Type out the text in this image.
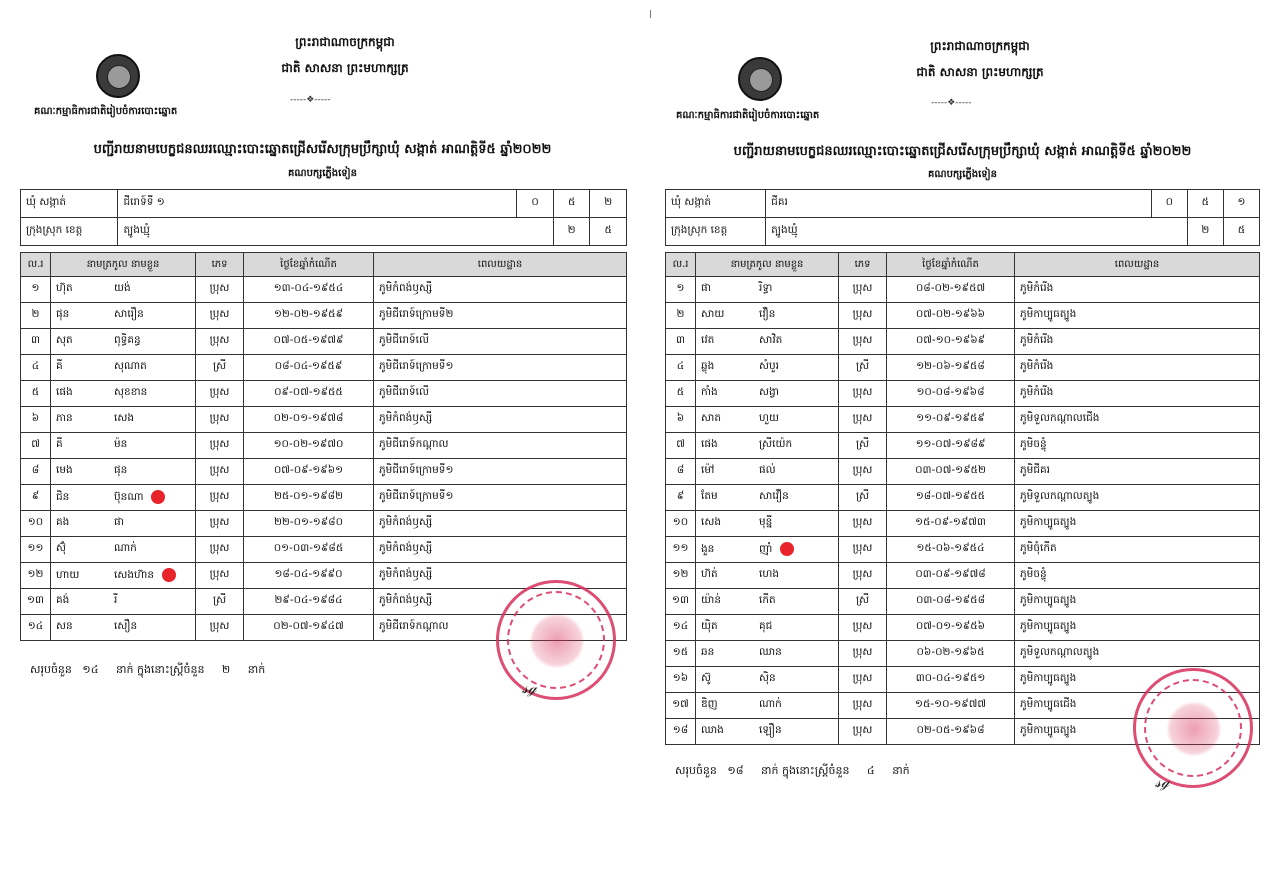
ព្រះរាជាណាចក្រកម្ពុជា
ជាតិ សាសនា ព្រះមហាក្សត្រ
-----❖-----
គណៈកម្មាធិការជាតិរៀបចំការបោះឆ្នោត
បញ្ជីរាយនាមបេក្ខជនឈរឈ្មោះបោះឆ្នោតជ្រើសរើសក្រុមប្រឹក្សាឃុំ សង្កាត់ អាណត្តិទី៥ ឆ្នាំ២០២២
គណបក្សភ្លើងទៀន
ឃុំ សង្កាត់	ជីរោទ៍ទី ១	០	៥	២
ក្រុងស្រុក ខេត្ត	ត្បូងឃ្មុំ		២	៥
ល.រ	នាមត្រកូល នាមខ្លួន	ភេទ	ថ្ងៃខែឆ្នាំកំណើត	ពេលយដ្ឋាន
១	ហ៊ុត យង់	ប្រុស	១៣-០៤-១៩៥៤	ភូមិកំពង់ឫស្សី
២	ផុន សារឿន	ប្រុស	១២-០២-១៩៥៩	ភូមិជីរោទ៍ក្រោមទី២
៣	សុត ពុទ្ធិគន្ធ	ប្រុស	០៧-០៥-១៩៧៩	ភូមិជីរោទ៍លើ
៤	គី សុណាត	ស្រី	០៨-០៤-១៩៥៩	ភូមិជីរោទ៍ក្រោមទី១
៥	ផេង សុខខាន	ប្រុស	០៩-០៧-១៩៥៥	ភូមិជីរោទ៍លើ
៦	ភាន សេង	ប្រុស	០២-០១-១៩៧៨	ភូមិកំពង់ឫស្សី
៧	គី ម៉ន	ប្រុស	១០-០២-១៩៧០	ភូមិជីរោទ៍កណ្ដាល
៨	មេង ផុន	ប្រុស	០៧-០៩-១៩៦១	ភូមិជីរោទ៍ក្រោមទី១
៩	ជិន ប៊ុនណា	ប្រុស	២៥-០១-១៩៨២	ភូមិជីរោទ៍ក្រោមទី១
១០	គង ផា	ប្រុស	២២-០១-១៩៨០	ភូមិកំពង់ឫស្សី
១១	ស៊ុំ ណាក់	ប្រុស	០១-០៣-១៩៨៥	ភូមិកំពង់ឫស្សី
១២	ហាយ សេងហ៊ាន	ប្រុស	១៨-០៤-១៩៩០	ភូមិកំពង់ឫស្សី
១៣	គង់ រី	ស្រី	២៩-០៤-១៩៨៤	ភូមិកំពង់ឫស្សី
១៤	សន សឿន	ប្រុស	០២-០៧-១៩៤៧	ភូមិជីរោទ៍កណ្ដាល
សរុបចំនួន ១៤ នាក់ ក្នុងនោះស្ត្រីចំនួន ២ នាក់
𝓈ℊ
ព្រះរាជាណាចក្រកម្ពុជា
ជាតិ សាសនា ព្រះមហាក្សត្រ
-----❖-----
គណៈកម្មាធិការជាតិរៀបចំការបោះឆ្នោត
បញ្ជីរាយនាមបេក្ខជនឈរឈ្មោះបោះឆ្នោតជ្រើសរើសក្រុមប្រឹក្សាឃុំ សង្កាត់ អាណត្តិទី៥ ឆ្នាំ២០២២
គណបក្សភ្លើងទៀន
ឃុំ សង្កាត់	ជីគរ	០	៥	១
ក្រុងស្រុក ខេត្ត	ត្បូងឃ្មុំ		២	៥
ល.រ	នាមត្រកូល នាមខ្លួន	ភេទ	ថ្ងៃខែឆ្នាំកំណើត	ពេលយដ្ឋាន
១	ផា រិទ្ធា	ប្រុស	០៨-០២-១៩៥៧	ភូមិកំរើង
២	សាយ វឿន	ប្រុស	០៧-០២-១៩៦៦	ភូមិកាប្បូធត្បូង
៣	វេត សាវិត	ប្រុស	០៧-១០-១៩៦៩	ភូមិកំរើង
៤	ឆ្លុង សំបួរ	ស្រី	១២-០៦-១៩៥៨	ភូមិកំរើង
៥	កាំង សង្វា	ប្រុស	១០-០៨-១៩៦៨	ភូមិកំរើង
៦	សាត ហួយ	ប្រុស	១១-០៩-១៩៥៩	ភូមិទួលកណ្ដាលជើង
៧	ផេង ស្រីយ៉េក	ស្រី	១១-០៧-១៩៨៩	ភូមិចន្ទុំ
៨	ម៉ៅ ផល់	ប្រុស	០៣-០៧-១៩៥២	ភូមិជីគរ
៩	តែម សាវឿន	ស្រី	១៨-០៧-១៩៥៥	ភូមិទួលកណ្ដាលត្បូង
១០	សេង មុន្នី	ប្រុស	១៥-០៩-១៩៧៣	ភូមិកាប្បូធត្បូង
១១	ងួន ញ៉ាំ	ប្រុស	១៥-០៦-១៩៥៤	ភូមិចុំកើត
១២	ហ៊ត់ ហេង	ប្រុស	០៣-០៩-១៩៧៨	ភូមិចន្ទុំ
១៣	យ៉ាន់ កើត	ស្រី	០៣-០៨-១៩៥៨	ភូមិកាប្បូធត្បូង
១៤	យ៉ិត គុជ	ប្រុស	០៧-០១-១៩៥៦	ភូមិកាប្បូធត្បូង
១៥	ឆន ឈាន	ប្រុស	០៦-០២-១៩៦៥	ភូមិទួលកណ្ដាលត្បូង
១៦	ស៊ូ ស៊ិន	ប្រុស	៣០-០៤-១៩៥១	ភូមិកាប្បូធត្បូង
១៧	ឌិញ ណាក់	ប្រុស	១៥-១០-១៩៧៧	ភូមិកាប្បូធជើង
១៨	ឈាង ឡឿន	ប្រុស	០២-០៥-១៩៦៨	ភូមិកាប្បូធត្បូង
សរុបចំនួន ១៨ នាក់ ក្នុងនោះស្ត្រីចំនួន ៤ នាក់
𝓈ℊ
